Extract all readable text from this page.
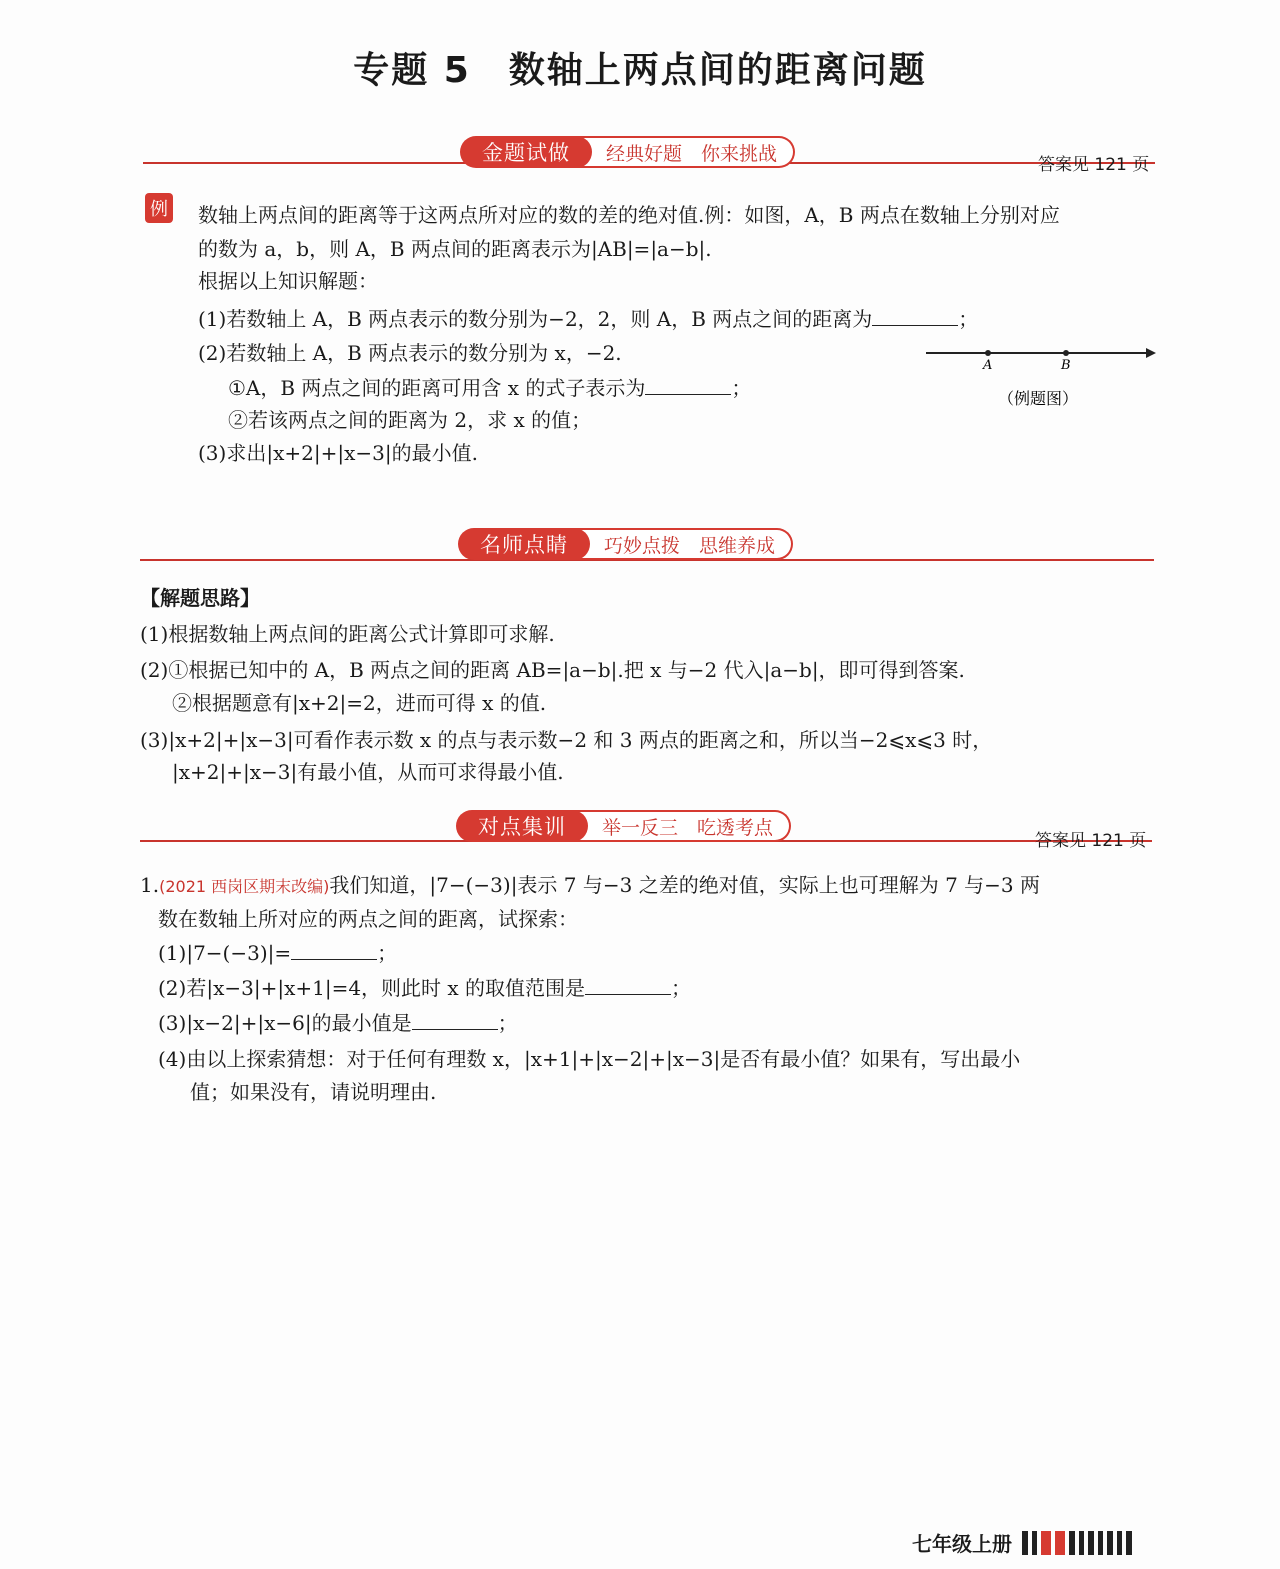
专题 5　数轴上两点间的距离问题
金题试做	经典好题　你来挑战
答案见 121 页
例 数轴上两点间的距离等于这两点所对应的数的差的绝对值.例：如图，A，B 两点在数轴上分别对应
的数为 a，b，则 A，B 两点间的距离表示为|AB|=|a−b|.
根据以上知识解题：
(1)若数轴上 A，B 两点表示的数分别为−2，2，则 A，B 两点之间的距离为	；
(2)若数轴上 A，B 两点表示的数分别为 x，−2.
①A，B 两点之间的距离可用含 x 的式子表示为	；
②若该两点之间的距离为 2，求 x 的值；
(3)求出|x+2|+|x−3|的最小值.
A	B
（例题图）
名师点睛	巧妙点拨　思维养成
【解题思路】
(1)根据数轴上两点间的距离公式计算即可求解.
(2)①根据已知中的 A，B 两点之间的距离 AB=|a−b|.把 x 与−2 代入|a−b|，即可得到答案.
②根据题意有|x+2|=2，进而可得 x 的值.
(3)|x+2|+|x−3|可看作表示数 x 的点与表示数−2 和 3 两点的距离之和，所以当−2⩽x⩽3 时，
|x+2|+|x−3|有最小值，从而可求得最小值.
对点集训	举一反三　吃透考点
答案见 121 页
1.(2021 西岗区期末改编)我们知道，|7−(−3)|表示 7 与−3 之差的绝对值，实际上也可理解为 7 与−3 两
数在数轴上所对应的两点之间的距离，试探索：
(1)|7−(−3)|=	；
(2)若|x−3|+|x+1|=4，则此时 x 的取值范围是	；
(3)|x−2|+|x−6|的最小值是	；
(4)由以上探索猜想：对于任何有理数 x，|x+1|+|x−2|+|x−3|是否有最小值？如果有，写出最小
值；如果没有，请说明理由.
七年级上册
